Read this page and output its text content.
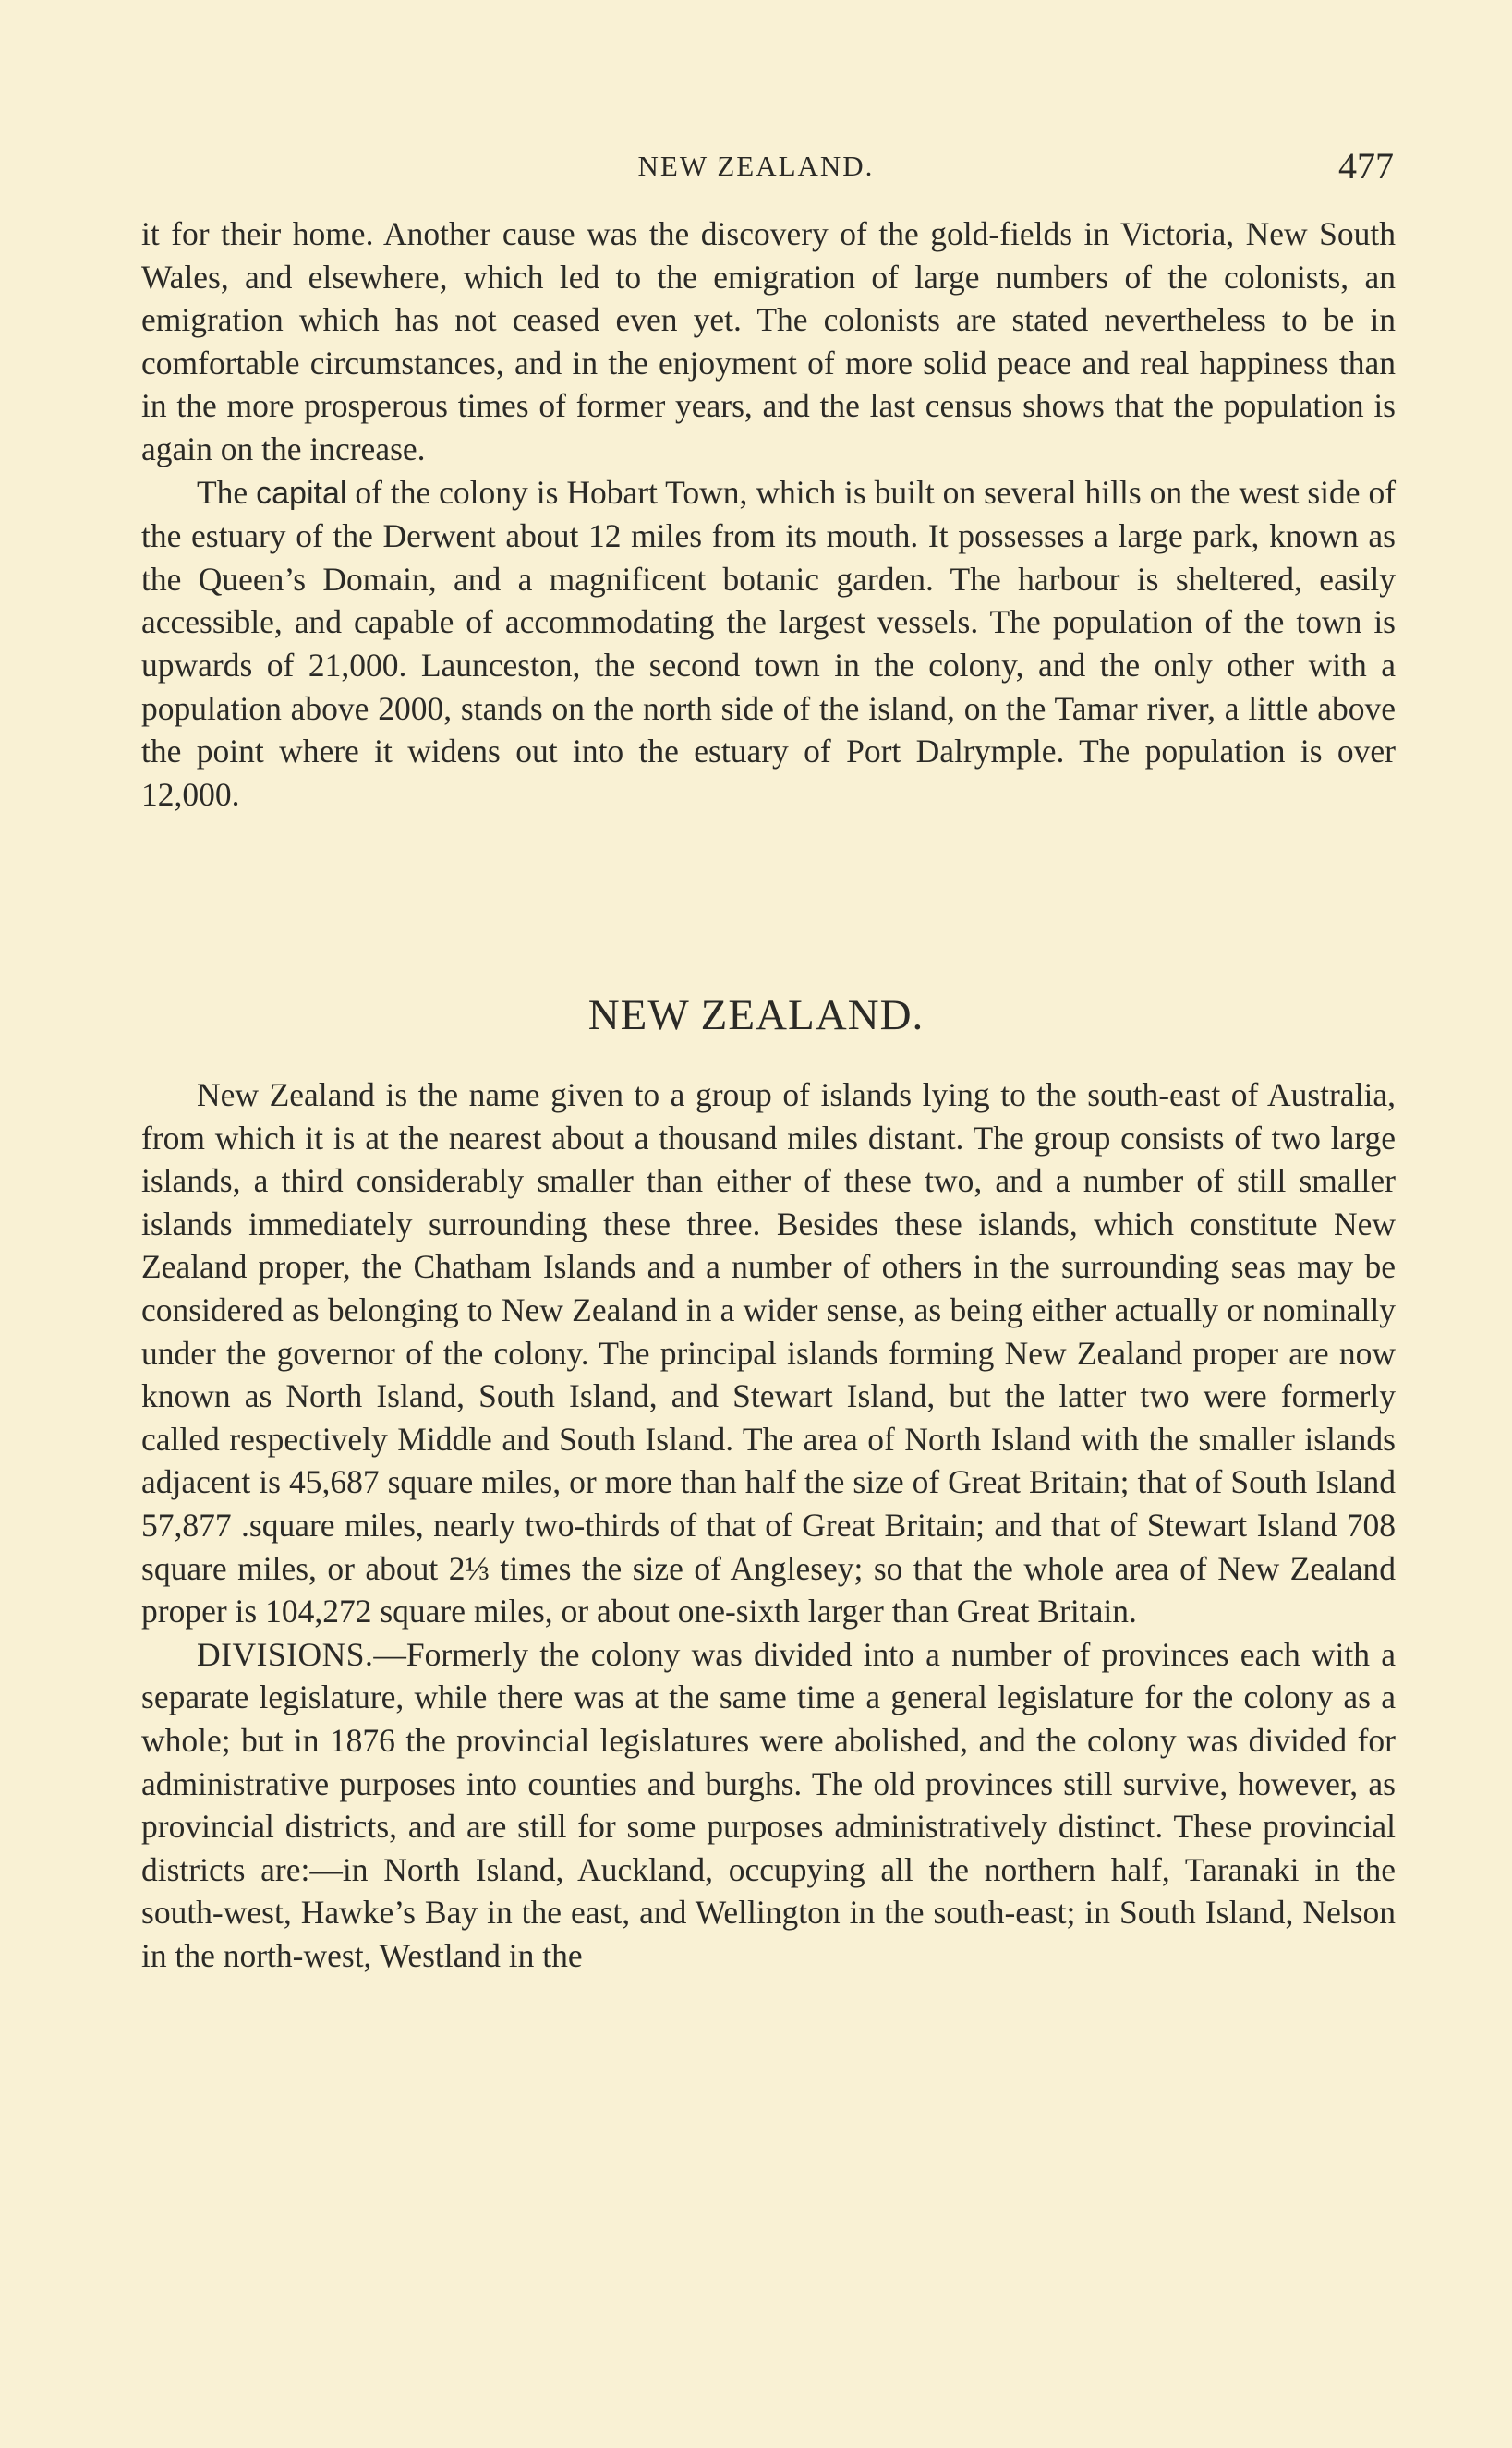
NEW ZEALAND.	477

it for their home. Another cause was the discovery of the gold-fields in Victoria, New South Wales, and elsewhere, which led to the emigration of large numbers of the colonists, an emigration which has not ceased even yet. The colonists are stated nevertheless to be in comfortable circumstances, and in the enjoyment of more solid peace and real happiness than in the more prosperous times of former years, and the last census shows that the population is again on the increase.

The capital of the colony is Hobart Town, which is built on several hills on the west side of the estuary of the Derwent about 12 miles from its mouth. It possesses a large park, known as the Queen’s Domain, and a magnificent botanic garden. The harbour is sheltered, easily accessible, and capable of accommodating the largest vessels. The population of the town is upwards of 21,000. Launceston, the second town in the colony, and the only other with a population above 2000, stands on the north side of the island, on the Tamar river, a little above the point where it widens out into the estuary of Port Dalrymple. The population is over 12,000.

NEW ZEALAND.

New Zealand is the name given to a group of islands lying to the south-east of Australia, from which it is at the nearest about a thousand miles distant. The group consists of two large islands, a third considerably smaller than either of these two, and a number of still smaller islands immediately surrounding these three. Besides these islands, which constitute New Zealand proper, the Chatham Islands and a number of others in the surrounding seas may be considered as belonging to New Zealand in a wider sense, as being either actually or nominally under the governor of the colony. The principal islands forming New Zealand proper are now known as North Island, South Island, and Stewart Island, but the latter two were formerly called respectively Middle and South Island. The area of North Island with the smaller islands adjacent is 45,687 square miles, or more than half the size of Great Britain; that of South Island 57,877 .square miles, nearly two-thirds of that of Great Britain; and that of Stewart Island 708 square miles, or about 2⅓ times the size of Anglesey; so that the whole area of New Zealand proper is 104,272 square miles, or about one-sixth larger than Great Britain.

DIVISIONS.—Formerly the colony was divided into a number of provinces each with a separate legislature, while there was at the same time a general legislature for the colony as a whole; but in 1876 the provincial legislatures were abolished, and the colony was divided for administrative purposes into counties and burghs. The old provinces still survive, however, as provincial districts, and are still for some purposes administratively distinct. These provincial districts are:—in North Island, Auckland, occupying all the northern half, Taranaki in the south-west, Hawke’s Bay in the east, and Wellington in the south-east; in South Island, Nelson in the north-west, Westland in the
